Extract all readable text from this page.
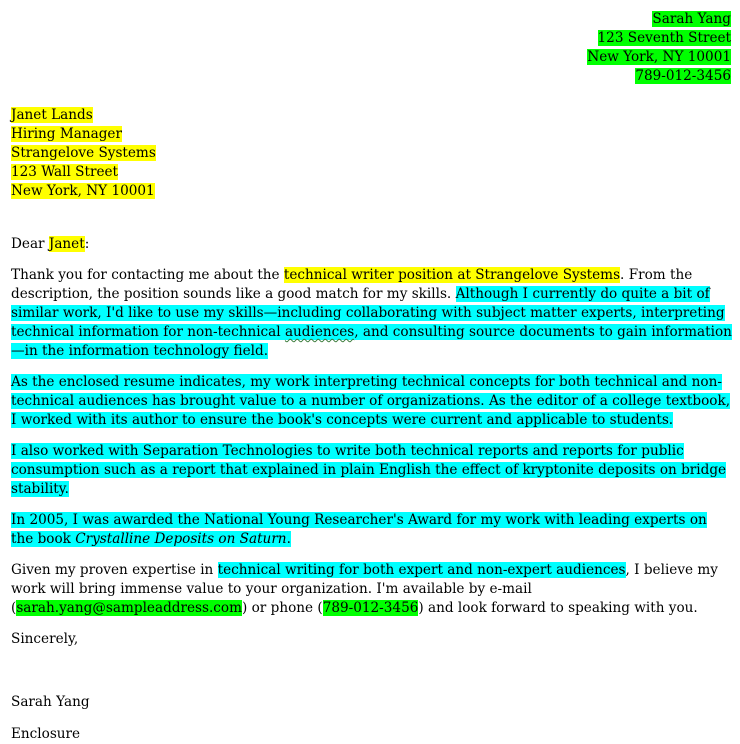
Sarah Yang
123 Seventh Street
New York, NY 10001
789-012-3456
Janet Lands
Hiring Manager
Strangelove Systems
123 Wall Street
New York, NY 10001

Dear Janet:

Thank you for contacting me about the technical writer position at Strangelove Systems. From the description, the position sounds like a good match for my skills. Although I currently do quite a bit of similar work, I'd like to use my skills—including collaborating with subject matter experts, interpreting technical information for non-technical audiences, and consulting source documents to gain information—in the information technology field.

As the enclosed resume indicates, my work interpreting technical concepts for both technical and non-technical audiences has brought value to a number of organizations. As the editor of a college textbook, I worked with its author to ensure the book's concepts were current and applicable to students.

I also worked with Separation Technologies to write both technical reports and reports for public consumption such as a report that explained in plain English the effect of kryptonite deposits on bridge stability.

In 2005, I was awarded the National Young Researcher's Award for my work with leading experts on the book Crystalline Deposits on Saturn.

Given my proven expertise in technical writing for both expert and non-expert audiences, I believe my work will bring immense value to your organization. I'm available by e-mail (sarah.yang@sampleaddress.com) or phone (789-012-3456) and look forward to speaking with you.

Sincerely,

Sarah Yang

Enclosure
